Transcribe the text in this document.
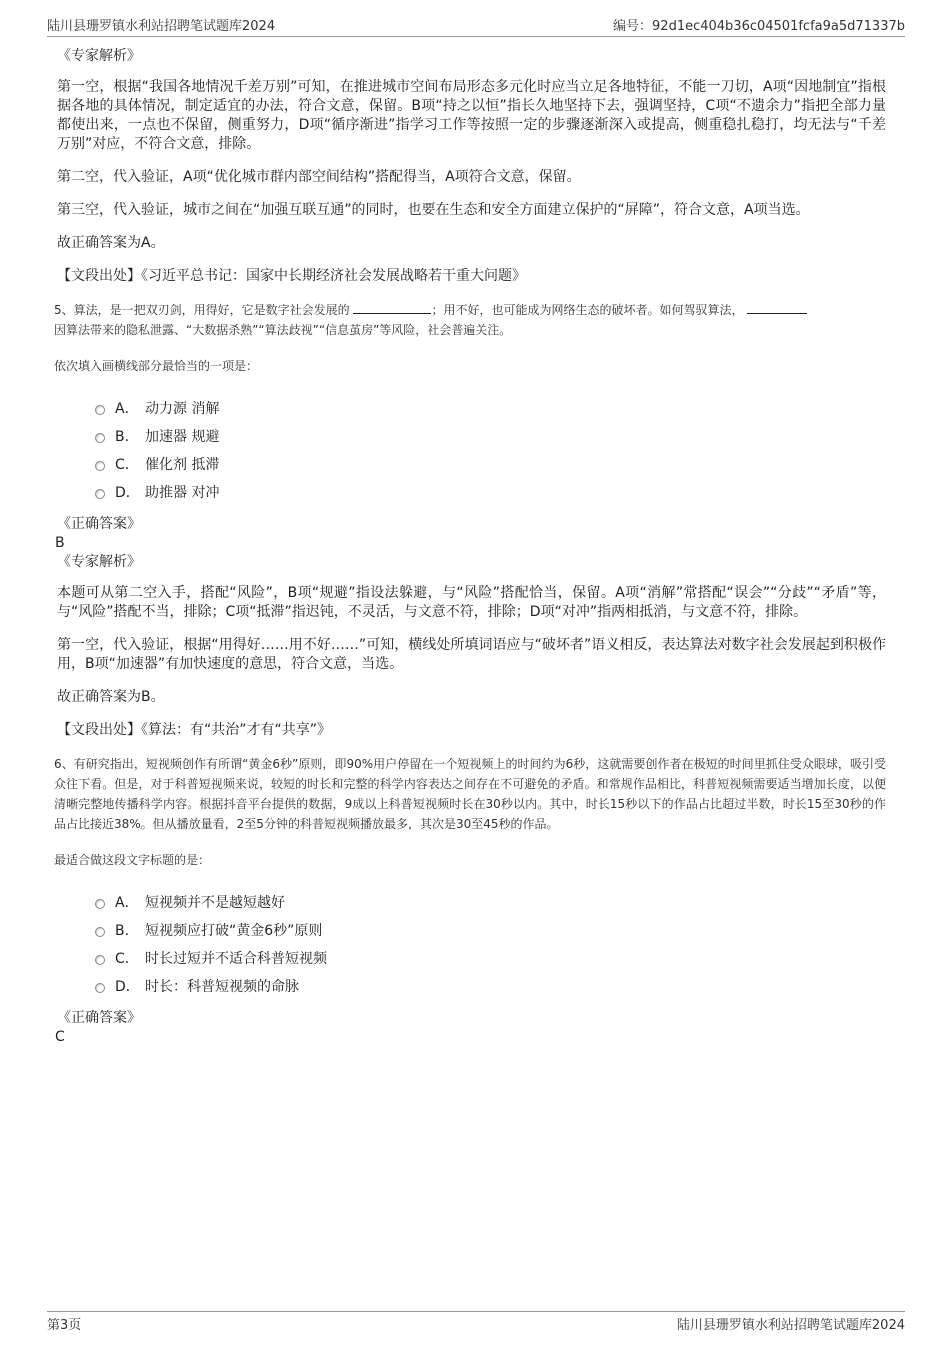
陆川县珊罗镇水利站招聘笔试题库2024	编号：92d1ec404b36c04501fcfa9a5d71337b

《专家解析》

第一空，根据“我国各地情况千差万别”可知，在推进城市空间布局形态多元化时应当立足各地特征，不能一刀切，A项“因地制宜”指根据各地的具体情况，制定适宜的办法，符合文意，保留。B项“持之以恒”指长久地坚持下去，强调坚持，C项“不遗余力”指把全部力量都使出来，一点也不保留，侧重努力，D项“循序渐进”指学习工作等按照一定的步骤逐渐深入或提高，侧重稳扎稳打，均无法与“千差万别”对应，不符合文意，排除。

第二空，代入验证，A项“优化城市群内部空间结构”搭配得当，A项符合文意，保留。

第三空，代入验证，城市之间在“加强互联互通”的同时，也要在生态和安全方面建立保护的“屏障”，符合文意，A项当选。

故正确答案为A。

【文段出处】《习近平总书记：国家中长期经济社会发展战略若干重大问题》

5、算法，是一把双刃剑，用得好，它是数字社会发展的	；用不好，也可能成为网络生态的破坏者。如何驾驭算法，
因算法带来的隐私泄露、“大数据杀熟”“算法歧视”“信息茧房”等风险，社会普遍关注。

依次填入画横线部分最恰当的一项是：

A． 动力源 消解
B． 加速器 规避
C． 催化剂 抵滞
D． 助推器 对冲

《正确答案》

B

《专家解析》

本题可从第二空入手，搭配“风险”，B项“规避”指设法躲避，与“风险”搭配恰当，保留。A项“消解”常搭配“误会”“分歧”“矛盾”等，与“风险”搭配不当，排除；C项“抵滞”指迟钝，不灵活，与文意不符，排除；D项“对冲”指两相抵消，与文意不符，排除。

第一空，代入验证，根据“用得好……用不好……”可知，横线处所填词语应与“破坏者”语义相反，表达算法对数字社会发展起到积极作用，B项“加速器”有加快速度的意思，符合文意，当选。

故正确答案为B。

【文段出处】《算法：有“共治”才有“共享”》

6、有研究指出，短视频创作有所谓“黄金6秒”原则，即90%用户停留在一个短视频上的时间约为6秒，这就需要创作者在极短的时间里抓住受众眼球，吸引受众往下看。但是，对于科普短视频来说，较短的时长和完整的科学内容表达之间存在不可避免的矛盾。和常规作品相比，科普短视频需要适当增加长度，以便清晰完整地传播科学内容。根据抖音平台提供的数据，9成以上科普短视频时长在30秒以内。其中，时长15秒以下的作品占比超过半数，时长15至30秒的作品占比接近38%。但从播放量看，2至5分钟的科普短视频播放最多，其次是30至45秒的作品。

最适合做这段文字标题的是：

A． 短视频并不是越短越好
B． 短视频应打破“黄金6秒”原则
C． 时长过短并不适合科普短视频
D． 时长：科普短视频的命脉

《正确答案》

C

第3页	陆川县珊罗镇水利站招聘笔试题库2024
